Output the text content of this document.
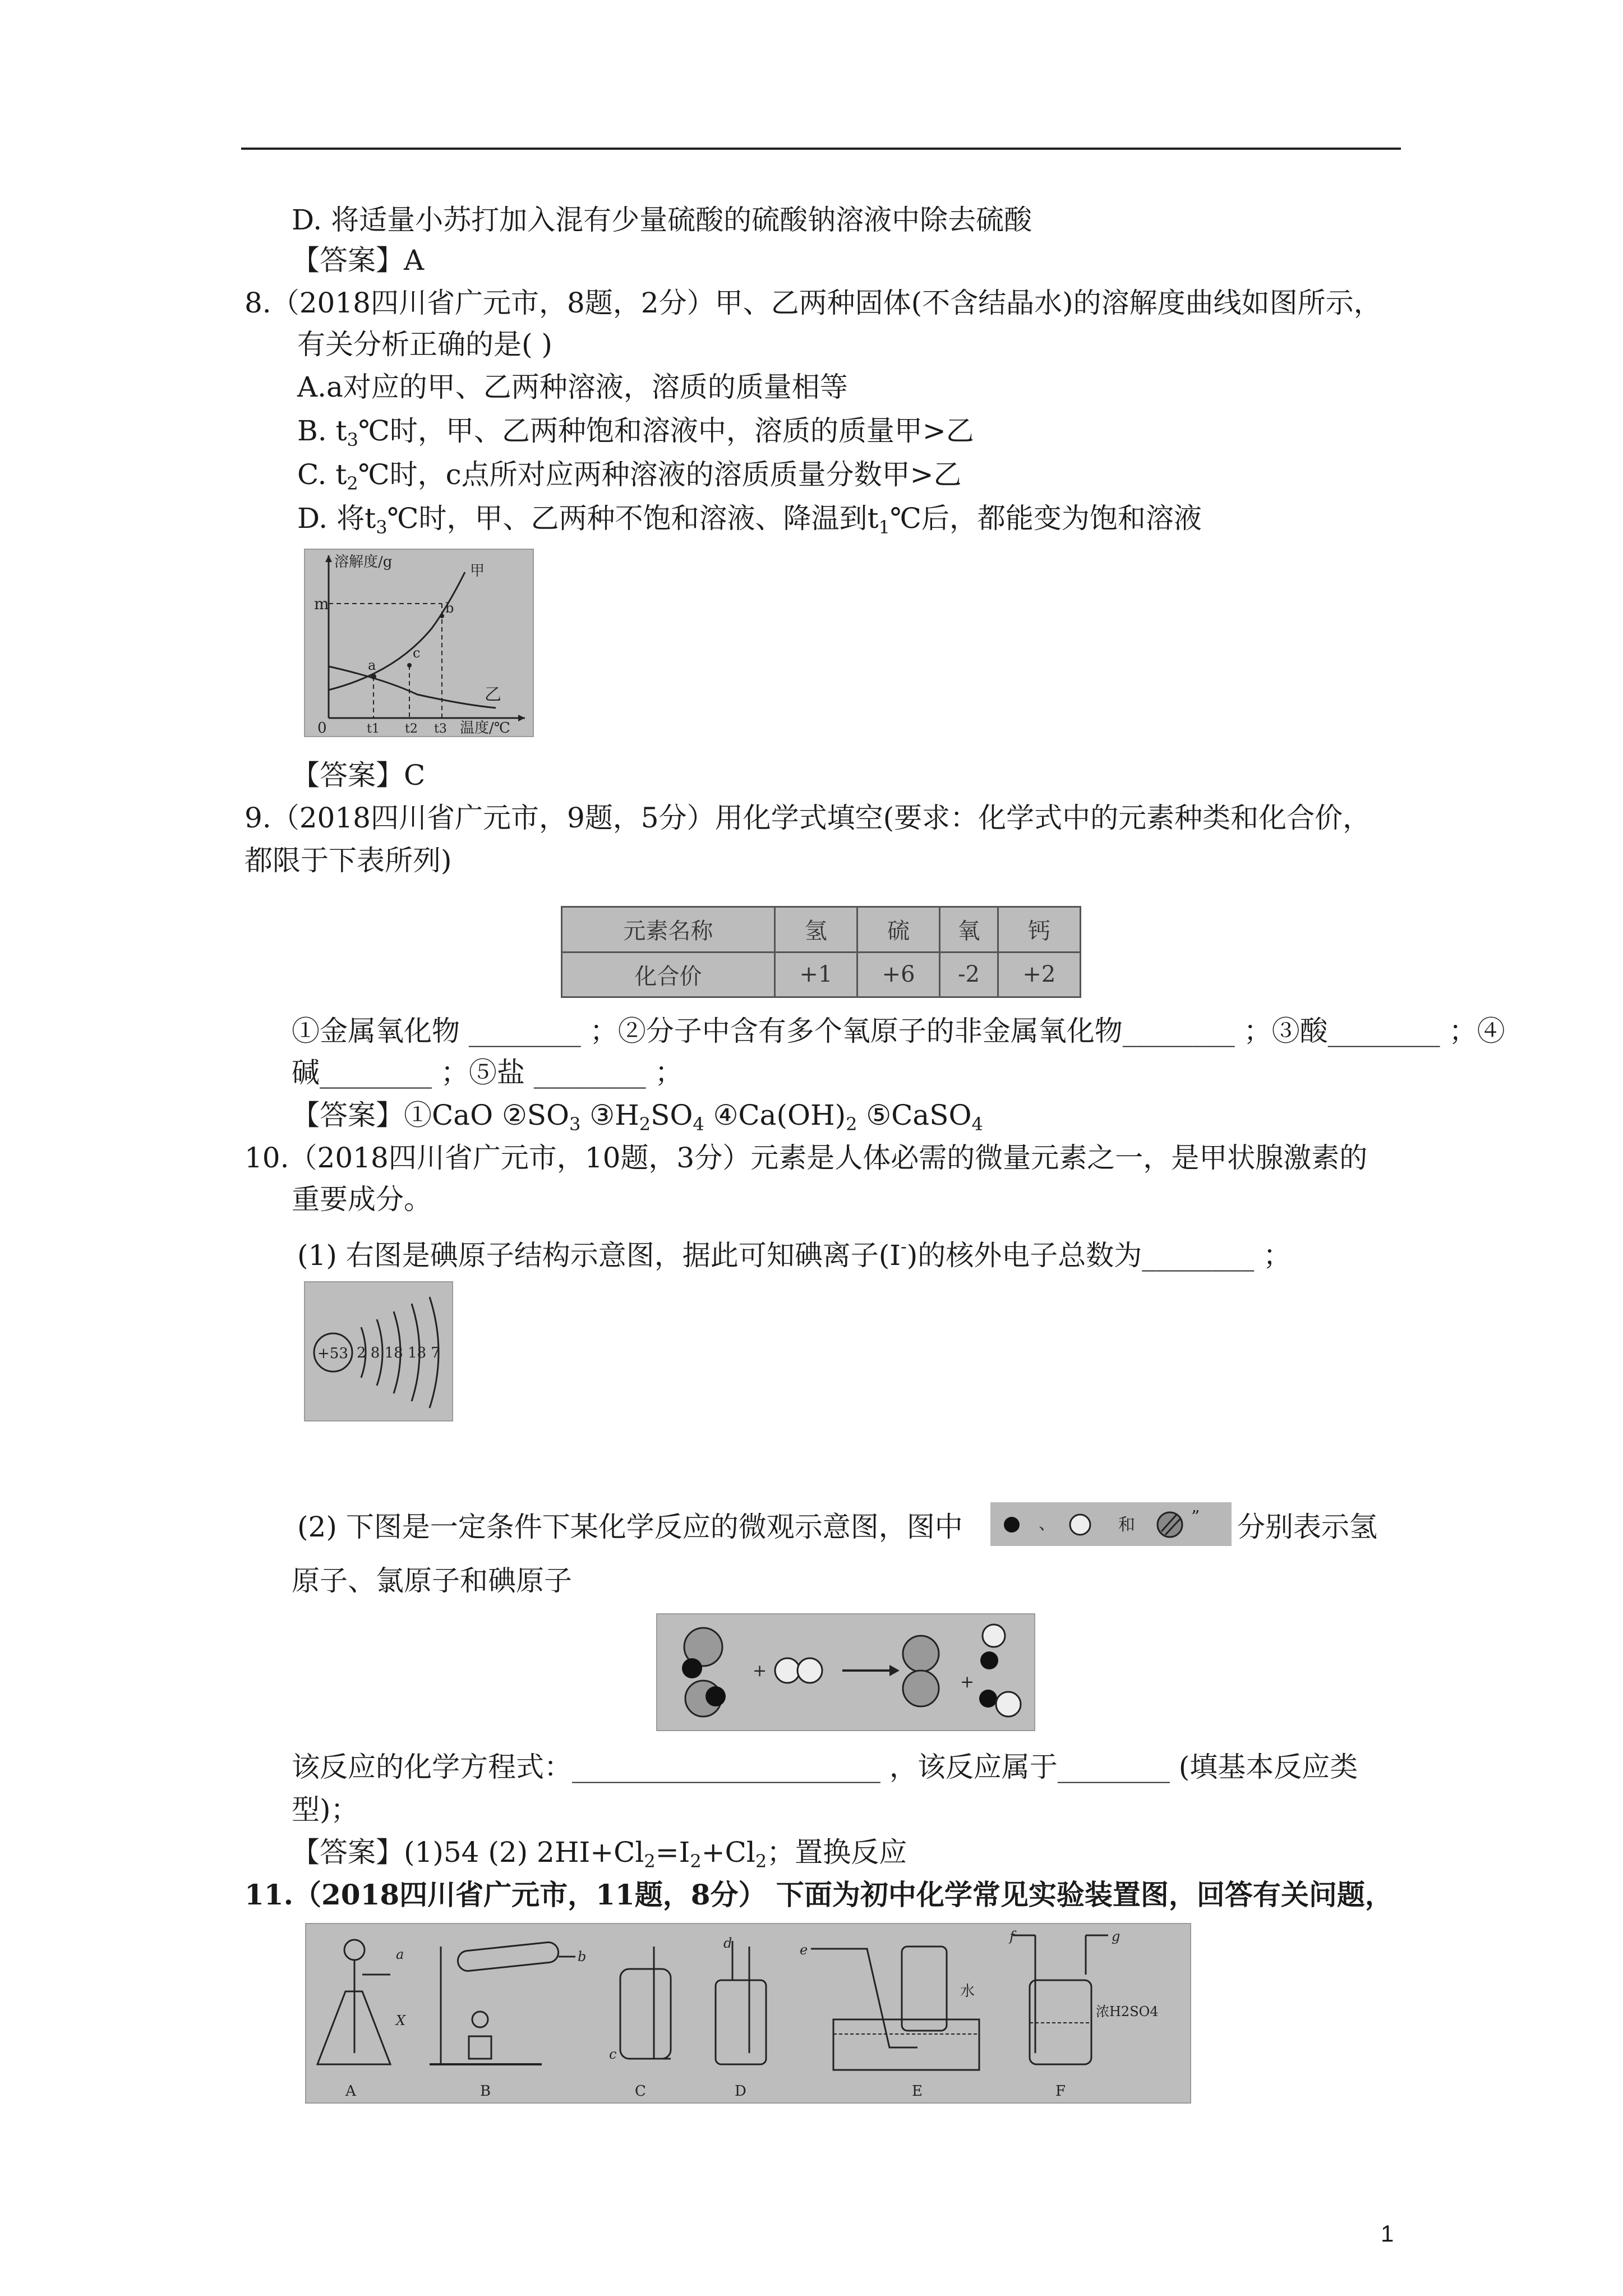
D. 将适量小苏打加入混有少量硫酸的硫酸钠溶液中除去硫酸
【答案】A
8.（2018四川省广元市，8题，2分）甲、乙两种固体(不含结晶水)的溶解度曲线如图所示，
有关分析正确的是( )
A.a对应的甲、乙两种溶液，溶质的质量相等
B. $t_3℃$时，甲、乙两种饱和溶液中，溶质的质量甲>乙
C. $t_2℃$时，c点所对应两种溶液的溶质质量分数甲>乙
D. 将$t_3℃$时，甲、乙两种不饱和溶液、降温到$t_1℃$后，都能变为饱和溶液
溶解度/g
温度/℃
m
0	t1 t2 t3
甲
乙
a
b
c
【答案】C
9.（2018四川省广元市，9题，5分）用化学式填空(要求：化学式中的元素种类和化合价，
都限于下表所列)
元素名称	氢	硫	氧	钙
化合价	+1	+6	-2	+2
①金属氧化物 ________ ；②分子中含有多个氧原子的非金属氧化物________ ；③酸________ ；④
碱________ ；⑤盐 ________ ；
【答案】①CaO $②SO_3$ $③H_2SO_4$ $④Ca(OH)_2$ ⑤CaSO$_4$
10.（2018四川省广元市，10题，3分）元素是人体必需的微量元素之一，是甲状腺激素的
重要成分。
(1) 右图是碘原子结构示意图，据此可知碘离子(I-)的核外电子总数为________ ；
+53 2 8 18 18 7
(2) 下图是一定条件下某化学反应的微观示意图，图中	和
、	” 分别表示氢
原子、氯原子和碘原子
+
+
该反应的化学方程式：______________________ ，该反应属于________ (填基本反应类
型)；
【答案】(1)54 (2) $2HI+Cl_2=I_2+Cl_2$；置换反应
11.（2018四川省广元市，11题，8分） 下面为初中化学常见实验装置图，回答有关问题，
a
X
A
b
B
c
C
d
D
e
水
E
f	g
浓H2SO4
F
1
